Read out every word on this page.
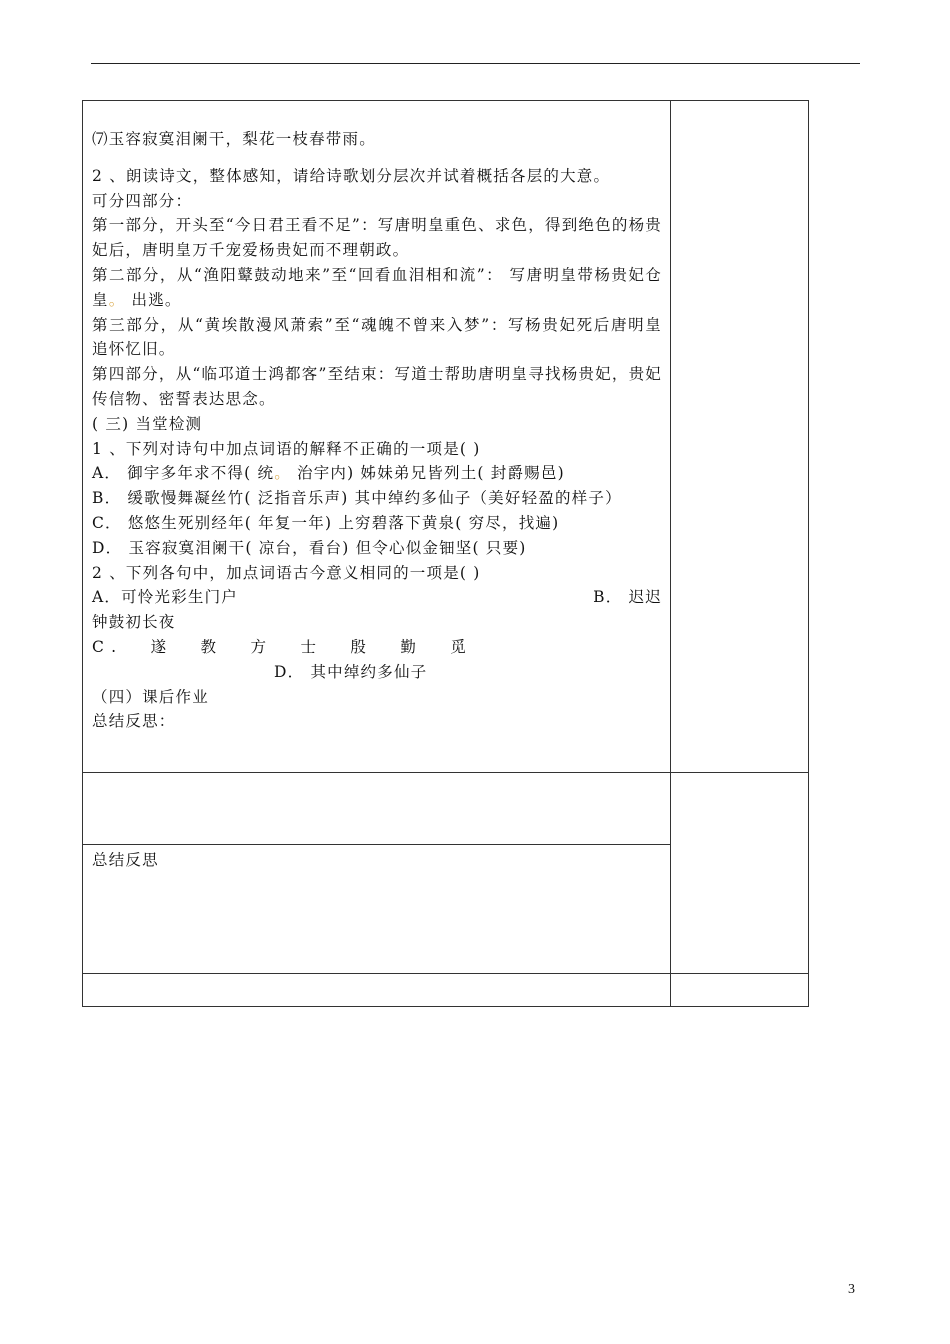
⑺玉容寂寞泪阑干，梨花一枝春带雨。

2 、朗读诗文，整体感知，请给诗歌划分层次并试着概括各层的大意。

可分四部分：

第一部分，开头至“今日君王看不足”：写唐明皇重色、求色，得到绝色的杨贵妃后，唐明皇万千宠爱杨贵妃而不理朝政。

第二部分，从“渔阳鼙鼓动地来”至“回看血泪相和流”： 写唐明皇带杨贵妃仓皇。 出逃。

第三部分，从“黄埃散漫风萧索”至“魂魄不曾来入梦”：写杨贵妃死后唐明皇追怀忆旧。

第四部分，从“临邛道士鸿都客”至结束：写道士帮助唐明皇寻找杨贵妃，贵妃传信物、密誓表达思念。

( 三) 当堂检测

1 、下列对诗句中加点词语的解释不正确的一项是( )

A． 御宇多年求不得( 统。 治宇内) 姊妹弟兄皆列土( 封爵赐邑)

B． 缓歌慢舞凝丝竹( 泛指音乐声) 其中绰约多仙子（美好轻盈的样子）

C． 悠悠生死别经年( 年复一年) 上穷碧落下黄泉( 穷尽，找遍)

D． 玉容寂寞泪阑干( 凉台，看台) 但令心似金钿坚( 只要)

2 、下列各句中，加点词语古今意义相同的一项是( )

A．可怜光彩生门户	B． 迟迟

钟鼓初长夜

C . 遂 教 方 士 殷 勤 觅

D． 其中绰约多仙子

（四）课后作业

总结反思：

总结反思
3
